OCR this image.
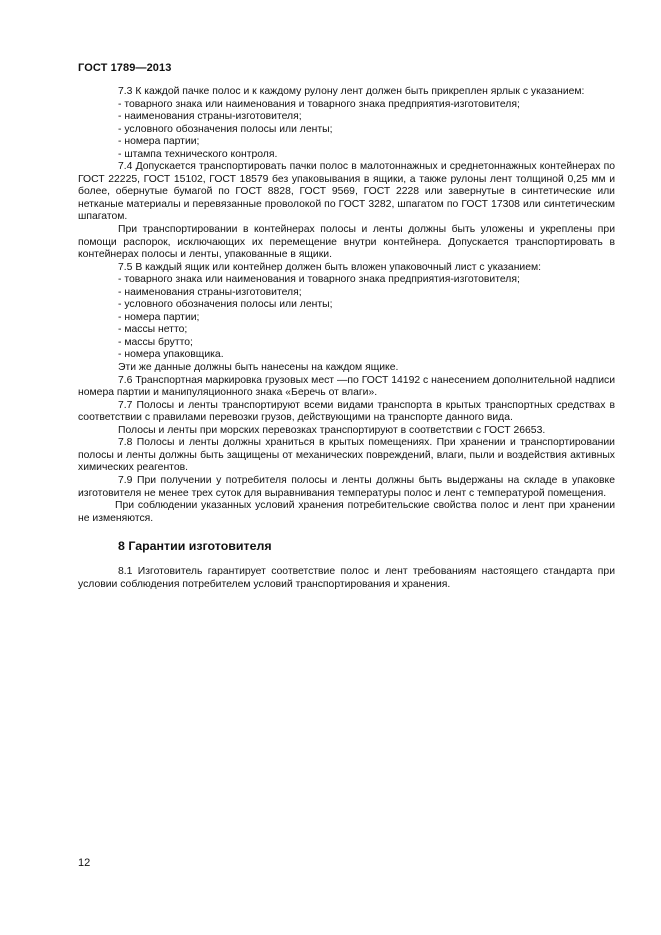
ГОСТ 1789—2013

7.3 К каждой пачке полос и к каждому рулону лент должен быть прикреплен ярлык с указанием:

- товарного знака или наименования и товарного знака предприятия-изготовителя;

- наименования страны-изготовителя;

- условного обозначения полосы или ленты;

- номера партии;

- штампа технического контроля.

7.4 Допускается транспортировать пачки полос в малотоннажных и среднетоннажных контейнерах по ГОСТ 22225, ГОСТ 15102, ГОСТ 18579 без упаковывания в ящики, а также рулоны лент толщиной 0,25 мм и более, обернутые бумагой по ГОСТ 8828, ГОСТ 9569, ГОСТ 2228 или завернутые в синтетические или нетканые материалы и перевязанные проволокой по ГОСТ 3282, шпагатом по ГОСТ 17308 или синтетическим шпагатом.

При транспортировании в контейнерах полосы и ленты должны быть уложены и укреплены при помощи распорок, исключающих их перемещение внутри контейнера. Допускается транспортировать в контейнерах полосы и ленты, упакованные в ящики.

7.5 В каждый ящик или контейнер должен быть вложен упаковочный лист с указанием:

- товарного знака или наименования и товарного знака предприятия-изготовителя;

- наименования страны-изготовителя;

- условного обозначения полосы или ленты;

- номера партии;

- массы нетто;

- массы брутто;

- номера упаковщика.

Эти же данные должны быть нанесены на каждом ящике.

7.6 Транспортная маркировка грузовых мест —по ГОСТ 14192 с нанесением дополнительной надписи номера партии и манипуляционного знака «Беречь от влаги».

7.7 Полосы и ленты транспортируют всеми видами транспорта в крытых транспортных средствах в соответствии с правилами перевозки грузов, действующими на транспорте данного вида.

Полосы и ленты при морских перевозках транспортируют в соответствии с ГОСТ 26653.

7.8 Полосы и ленты должны храниться в крытых помещениях. При хранении и транспортировании полосы и ленты должны быть защищены от механических повреждений, влаги, пыли и воздействия активных химических реагентов.

7.9 При получении у потребителя полосы и ленты должны быть выдержаны на складе в упаковке изготовителя не менее трех суток для выравнивания температуры полос и лент с температурой помещения.

При соблюдении указанных условий хранения потребительские свойства полос и лент при хранении не изменяются.

8 Гарантии изготовителя

8.1 Изготовитель гарантирует соответствие полос и лент требованиям настоящего стандарта при условии соблюдения потребителем условий транспортирования и хранения.

12
